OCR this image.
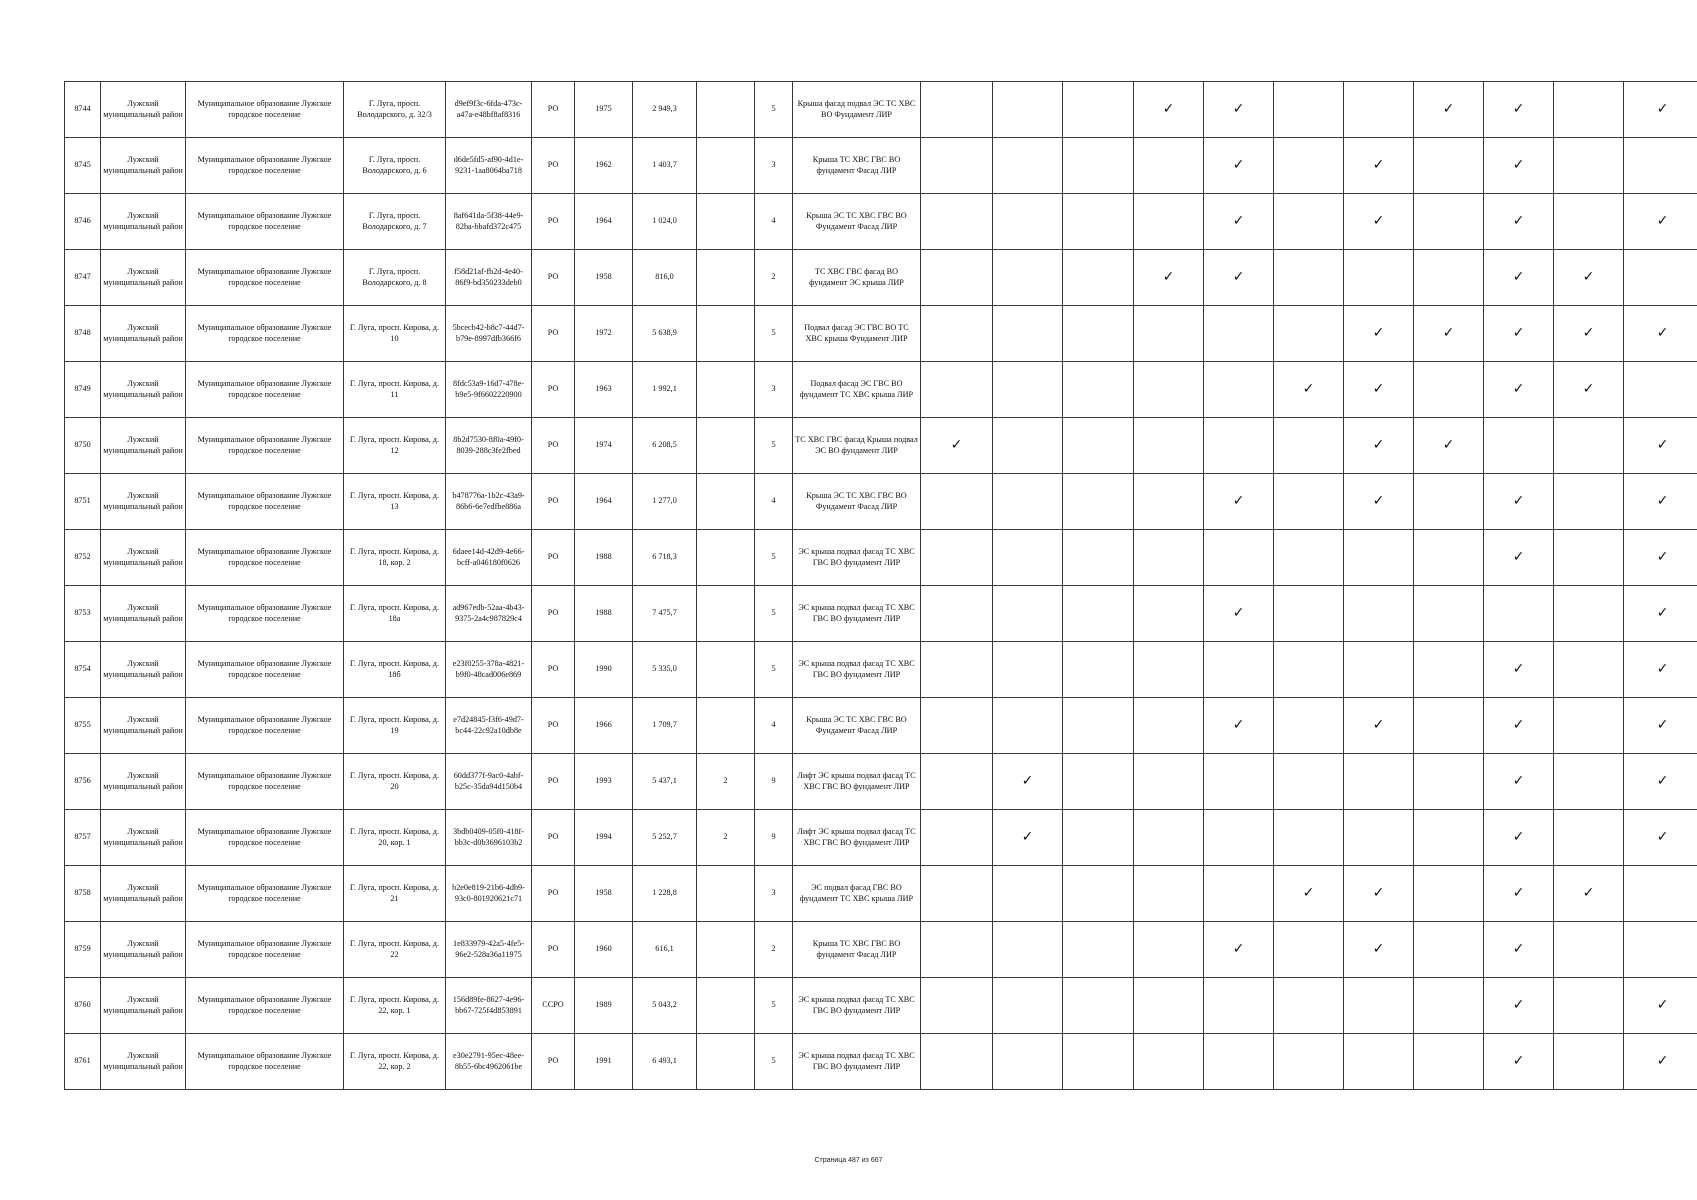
8744	Лужский муниципальный район	Муниципальное образование Лужское городское поселение	Г. Луга, просп. Володарского, д. 32/3	d9ef9f3c-6fda-473c-a47a-e48bf8af8316	РО	1975	2 949,3		5	Крыша фасад подвал ЭС ТС ХВС ВО Фундамент ЛИР				✓	✓			✓	✓		✓
8745	Лужский муниципальный район	Муниципальное образование Лужское городское поселение	Г. Луга, просп. Володарского, д. 6	d6de5fd5-af90-4d1e-9231-1aa8064ba718	РО	1962	1 403,7		3	Крыша ТС ХВС ГВС ВО фундамент Фасад ЛИР					✓		✓		✓		
8746	Лужский муниципальный район	Муниципальное образование Лужское городское поселение	Г. Луга, просп. Володарского, д. 7	8af641da-5f38-44e9-82ba-bbafd372c475	РО	1964	1 024,0		4	Крыша ЭС ТС ХВС ГВС ВО Фундамент Фасад ЛИР					✓		✓		✓		✓
8747	Лужский муниципальный район	Муниципальное образование Лужское городское поселение	Г. Луга, просп. Володарского, д. 8	f58d21af-fb2d-4e40-86f9-bd350233deb0	РО	1958	816,0		2	ТС ХВС ГВС фасад ВО фундамент ЭС крыша ЛИР				✓	✓				✓	✓	
8748	Лужский муниципальный район	Муниципальное образование Лужское городское поселение	Г. Луга, просп. Кирова, д. 10	5bcecb42-b8c7-44d7-b79e-8997dfb366f6	РО	1972	5 638,9		5	Подвал фасад ЭС ГВС ВО ТС ХВС крыша Фундамент ЛИР							✓	✓	✓	✓	✓
8749	Лужский муниципальный район	Муниципальное образование Лужское городское поселение	Г. Луга, просп. Кирова, д. 11	8fdc53a9-16d7-478e-b9e5-9f6602220900	РО	1963	1 992,1		3	Подвал фасад ЭС ГВС ВО фундамент ТС ХВС крыша ЛИР						✓	✓		✓	✓	
8750	Лужский муниципальный район	Муниципальное образование Лужское городское поселение	Г. Луга, просп. Кирова, д. 12	8b2d7530-8f0a-49f0-8039-288c3fe2fbed	РО	1974	6 208,5		5	ТС ХВС ГВС фасад Крыша подвал ЭС ВО фундамент ЛИР	✓						✓	✓			✓
8751	Лужский муниципальный район	Муниципальное образование Лужское городское поселение	Г. Луга, просп. Кирова, д. 13	b478776a-1b2c-43a9-86b6-6e7edfbe886a	РО	1964	1 277,0		4	Крыша ЭС ТС ХВС ГВС ВО Фундамент Фасад ЛИР					✓		✓		✓		✓
8752	Лужский муниципальный район	Муниципальное образование Лужское городское поселение	Г. Луга, просп. Кирова, д. 18, кор. 2	6daee14d-42d9-4e66-bcff-a046180f0626	РО	1988	6 718,3		5	ЭС крыша подвал фасад ТС ХВС ГВС ВО фундамент ЛИР									✓		✓
8753	Лужский муниципальный район	Муниципальное образование Лужское городское поселение	Г. Луга, просп. Кирова, д. 18а	ad967edb-52aa-4b43-9375-2a4c987829c4	РО	1988	7 475,7		5	ЭС крыша подвал фасад ТС ХВС ГВС ВО фундамент ЛИР					✓						✓
8754	Лужский муниципальный район	Муниципальное образование Лужское городское поселение	Г. Луга, просп. Кирова, д. 18б	e23f0255-378a-4821-b9f0-48cad006e869	РО	1990	5 335,0		5	ЭС крыша подвал фасад ТС ХВС ГВС ВО фундамент ЛИР									✓		✓
8755	Лужский муниципальный район	Муниципальное образование Лужское городское поселение	Г. Луга, просп. Кирова, д. 19	e7d24845-f3f6-49d7-bc44-22c92a10db8e	РО	1966	1 709,7		4	Крыша ЭС ТС ХВС ГВС ВО Фундамент Фасад ЛИР					✓		✓		✓		✓
8756	Лужский муниципальный район	Муниципальное образование Лужское городское поселение	Г. Луга, просп. Кирова, д. 20	60dd377f-9ac0-4abf-b25c-35da94d150b4	РО	1993	5 437,1	2	9	Лифт ЭС крыша подвал фасад ТС ХВС ГВС ВО фундамент ЛИР		✓							✓		✓
8757	Лужский муниципальный район	Муниципальное образование Лужское городское поселение	Г. Луга, просп. Кирова, д. 20, кор. 1	3bdb0409-05f0-418f-bb3c-d0b3696103b2	РО	1994	5 252,7	2	9	Лифт ЭС крыша подвал фасад ТС ХВС ГВС ВО фундамент ЛИР		✓							✓		✓
8758	Лужский муниципальный район	Муниципальное образование Лужское городское поселение	Г. Луга, просп. Кирова, д. 21	b2e0e819-21b6-4db9-93c0-801920621c71	РО	1958	1 228,8		3	ЭС подвал фасад ГВС ВО фундамент ТС ХВС крыша ЛИР						✓	✓		✓	✓	
8759	Лужский муниципальный район	Муниципальное образование Лужское городское поселение	Г. Луга, просп. Кирова, д. 22	1e833979-42a5-4fe5-96e2-528a36a11975	РО	1960	616,1		2	Крыша ТС ХВС ГВС ВО фундамент Фасад ЛИР					✓		✓		✓		
8760	Лужский муниципальный район	Муниципальное образование Лужское городское поселение	Г. Луга, просп. Кирова, д. 22, кор. 1	156d89fe-8627-4e96-bb67-725f4d853891	СCPO	1989	5 043,2		5	ЭС крыша подвал фасад ТС ХВС ГВС ВО фундамент ЛИР									✓		✓
8761	Лужский муниципальный район	Муниципальное образование Лужское городское поселение	Г. Луга, просп. Кирова, д. 22, кор. 2	e30e2791-95ec-48ee-8b55-6bc4962061be	РО	1991	6 493,1		5	ЭС крыша подвал фасад ТС ХВС ГВС ВО фундамент ЛИР									✓		✓
Страница 487 из 667
